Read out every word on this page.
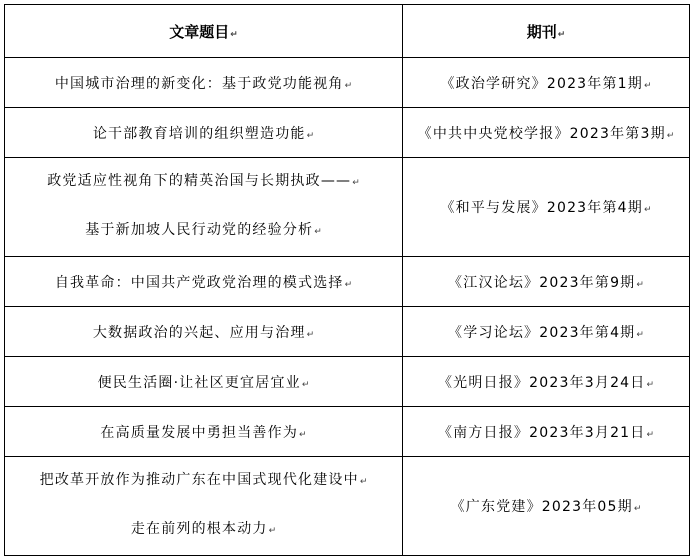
文章题目↵	期刊↵
中国城市治理的新变化：基于政党功能视角↵	《政治学研究》2023年第1期↵
论干部教育培训的组织塑造功能↵	《中共中央党校学报》2023年第3期↵

政党适应性视角下的精英治国与长期执政——↵
基于新加坡人民行动党的经验分析↵	《和平与发展》2023年第4期↵
自我革命：中国共产党政党治理的模式选择↵	《江汉论坛》2023年第9期↵
大数据政治的兴起、应用与治理↵	《学习论坛》2023年第4期↵
便民生活圈·让社区更宜居宜业↵	《光明日报》2023年3月24日↵
在高质量发展中勇担当善作为↵	《南方日报》2023年3月21日↵

把改革开放作为推动广东在中国式现代化建设中↵
走在前列的根本动力↵	《广东党建》2023年05期↵
